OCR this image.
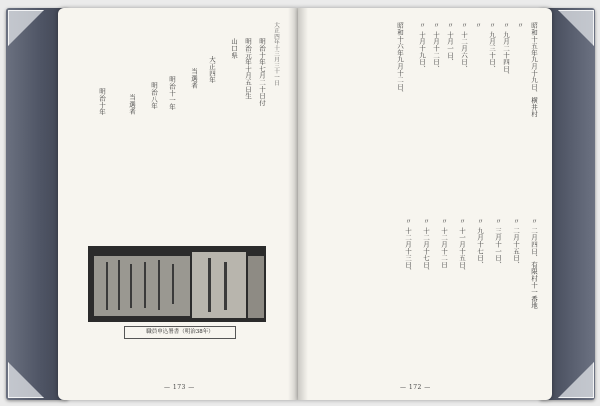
大正四年十三月三十一日
明治十年七月二十日付
明治元年十月五日生
山口県
大正四年
当選者
明治十一年
明治八年
当選者
明治十年
職員申込署書（明治38年）
— 173 —
昭和十五年九月十九日、横井村
〃
〃 九月二十四日、
〃 九月三十日、
〃
〃 十二月六日、
〃 十月一日、
〃 十月十二日、
〃 十月十九日、
昭和十六年九月十二日、
〃 二月四日、有限村十一番地
〃 二月十五日、
〃 三月十一日、
〃 九月十七日、
〃 十一月十五日、
〃 十二月十二日
〃 十二月十七日、
〃 十二月十三日、
— 172 —
